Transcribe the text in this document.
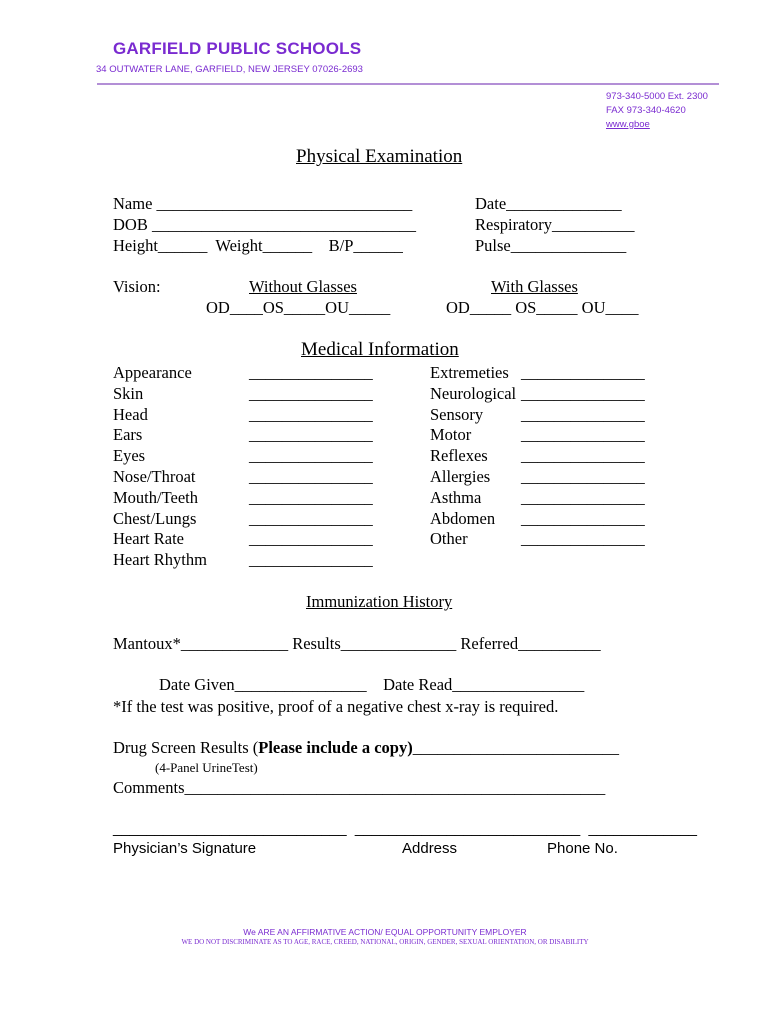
GARFIELD PUBLIC SCHOOLS
34 OUTWATER LANE, GARFIELD, NEW JERSEY 07026-2693
973-340-5000 Ext. 2300
FAX 973-340-4620
www.gboe
Physical Examination
Name _______________________________
DOB ________________________________
Height______  Weight______    B/P______
Date______________
Respiratory__________
Pulse______________
Vision:	Without Glasses	With Glasses
OD____OS_____OU_____	OD_____ OS_____ OU____
Medical Information
Appearance	_______________
Skin	_______________
Head	_______________
Ears	_______________
Eyes	_______________
Nose/Throat	_______________
Mouth/Teeth	_______________
Chest/Lungs	_______________
Heart Rate	_______________
Heart Rhythm	_______________
Extremeties _______________
Neurological _______________
Sensory _______________
Motor	_______________
Reflexes _______________
Allergies _______________
Asthma _______________
Abdomen _______________
Other	_______________
Immunization History
Mantoux*_____________ Results______________ Referred__________
Date Given________________    Date Read________________
*If the test was positive, proof of a negative chest x-ray is required.
Drug Screen Results (Please include a copy)_________________________
(4-Panel UrineTest)
Comments___________________________________________________
____________________________  ___________________________  _____________
Physician’s Signature	Address	Phone No.
We ARE AN AFFIRMATIVE ACTION/ EQUAL OPPORTUNITY EMPLOYER
WE DO NOT DISCRIMINATE AS TO AGE, RACE, CREED, NATIONAL, ORIGIN, GENDER, SEXUAL ORIENTATION, OR DISABILITY
